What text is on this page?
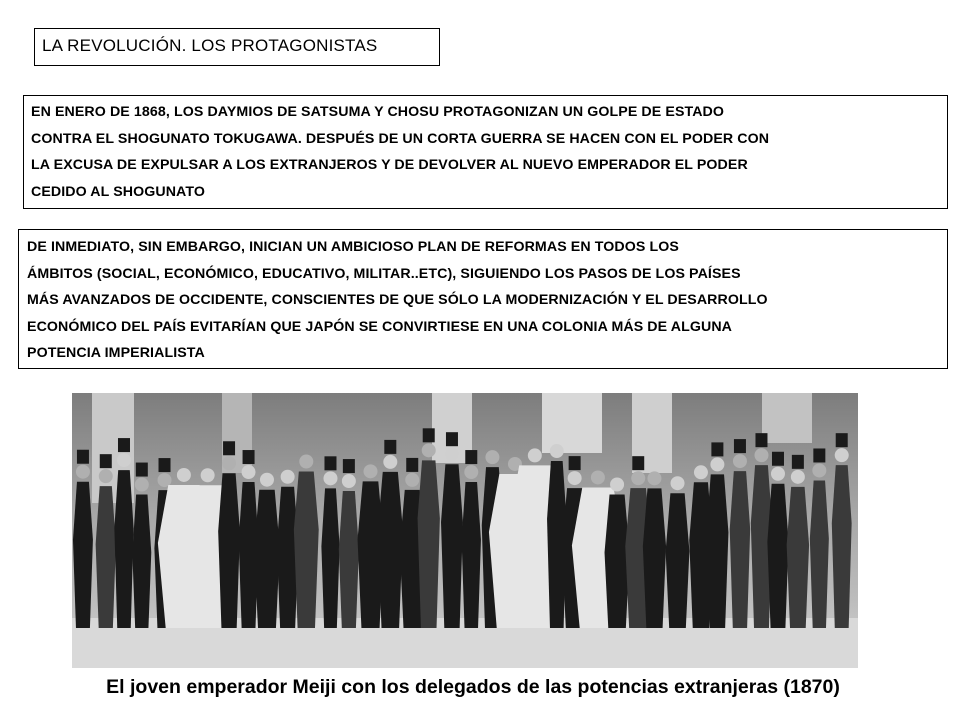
LA REVOLUCIÓN. LOS PROTAGONISTAS
EN ENERO DE 1868, LOS DAYMIOS DE SATSUMA Y CHOSU PROTAGONIZAN UN GOLPE DE ESTADO
CONTRA EL SHOGUNATO TOKUGAWA. DESPUÉS DE UN CORTA GUERRA SE HACEN CON EL PODER CON
LA EXCUSA DE EXPULSAR A LOS EXTRANJEROS Y DE DEVOLVER AL NUEVO EMPERADOR EL PODER
CEDIDO AL SHOGUNATO
DE INMEDIATO, SIN EMBARGO, INICIAN UN AMBICIOSO PLAN DE REFORMAS EN TODOS LOS
ÁMBITOS (SOCIAL, ECONÓMICO, EDUCATIVO, MILITAR..ETC), SIGUIENDO LOS PASOS DE LOS PAÍSES
MÁS AVANZADOS DE OCCIDENTE, CONSCIENTES DE QUE SÓLO LA MODERNIZACIÓN Y EL DESARROLLO
ECONÓMICO DEL PAÍS EVITARÍAN QUE JAPÓN SE CONVIRTIESE EN UNA COLONIA MÁS DE ALGUNA
POTENCIA IMPERIALISTA
El joven emperador Meiji con los delegados de las potencias extranjeras (1870)
